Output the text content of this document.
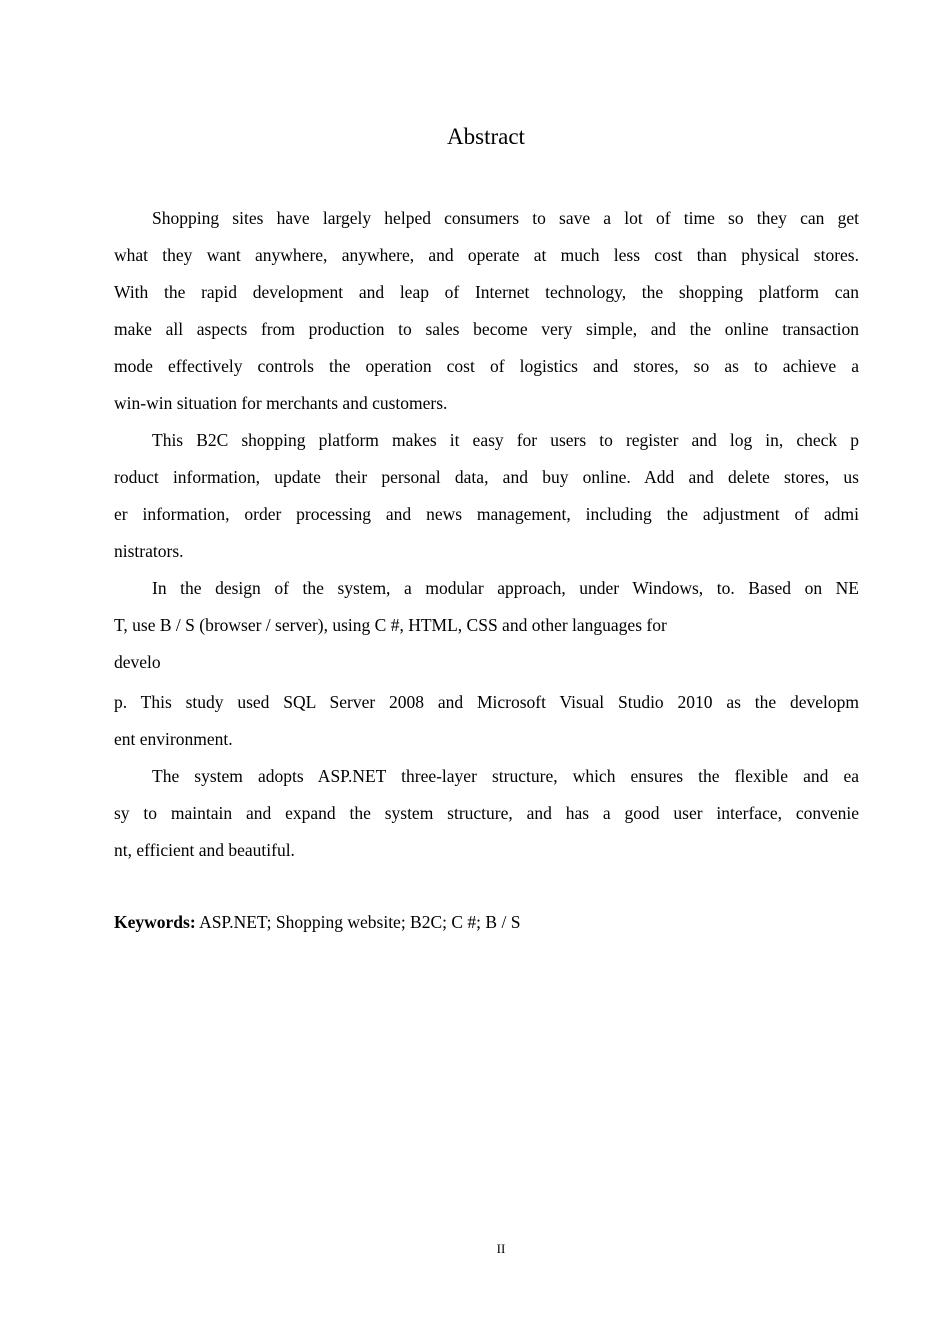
Abstract
Shopping sites have largely helped consumers to save a lot of time so they can get
what they want anywhere, anywhere, and operate at much less cost than physical stores.
With the rapid development and leap of Internet technology, the shopping platform can
make all aspects from production to sales become very simple, and the online transaction
mode effectively controls the operation cost of logistics and stores, so as to achieve a
win-win situation for merchants and customers.
This B2C shopping platform makes it easy for users to register and log in, check p
roduct information, update their personal data, and buy online. Add and delete stores, us
er information, order processing and news management, including the adjustment of admi
nistrators.
In the design of the system, a modular approach, under Windows, to. Based on NE
T, use B / S (browser / server), using C #, HTML, CSS and other languages for
develo
p. This study used SQL Server 2008 and Microsoft Visual Studio 2010 as the developm
ent environment.
The system adopts ASP.NET three-layer structure, which ensures the flexible and ea
sy to maintain and expand the system structure, and has a good user interface, convenie
nt, efficient and beautiful.
Keywords: ASP.NET; Shopping website; B2C; C #; B / S
II
